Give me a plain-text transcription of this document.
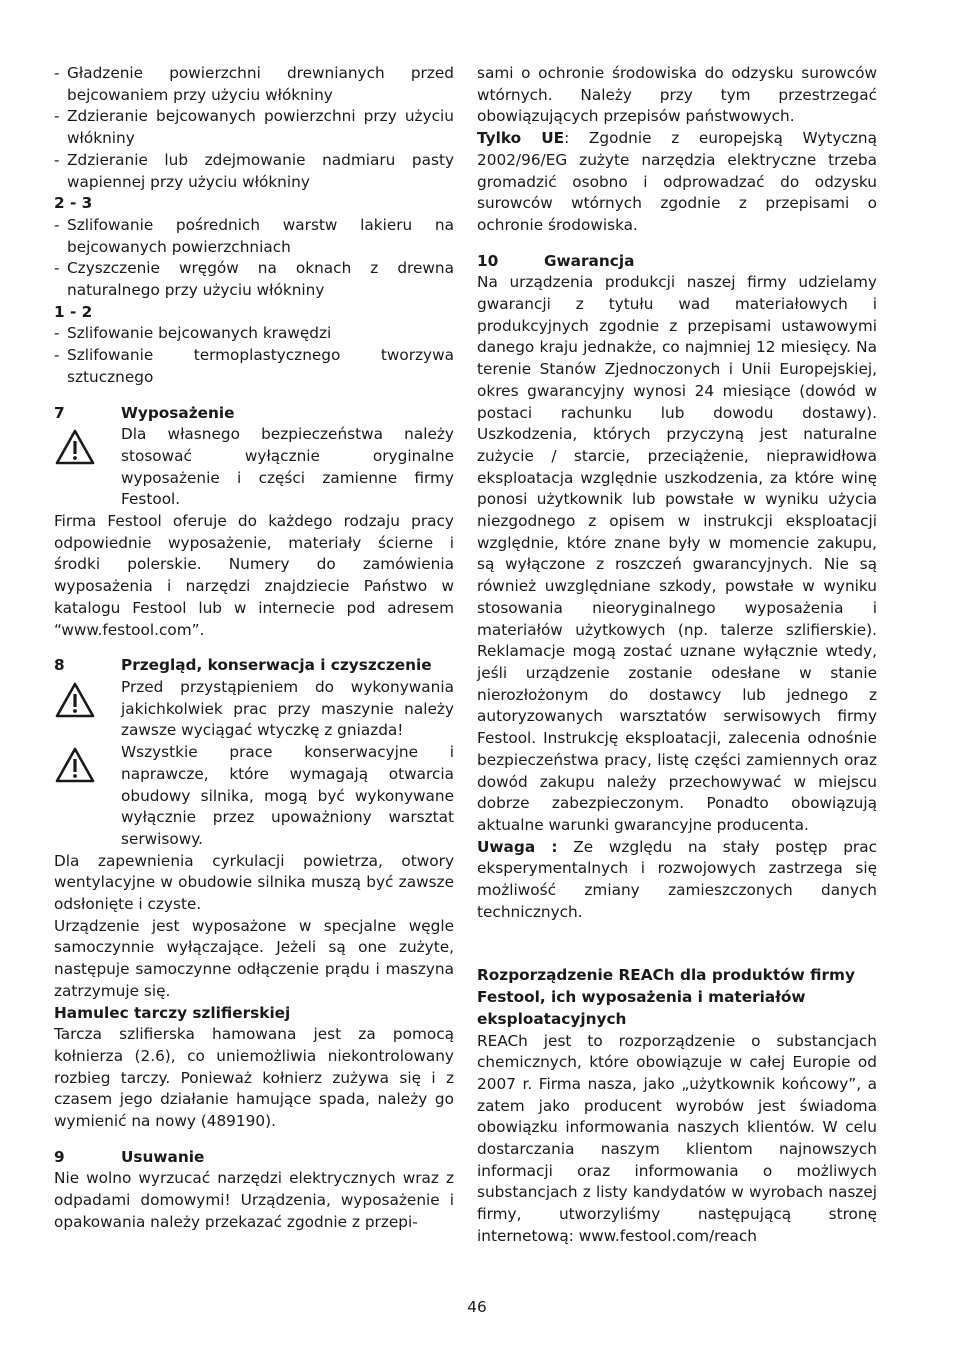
- Gładzenie powierzchni drewnianych przed bejcowaniem przy użyciu włókniny
- Zdzieranie bejcowanych powierzchni przy użyciu włókniny
- Zdzieranie lub zdejmowanie nadmiaru pasty wapiennej przy użyciu włókniny
2 - 3
- Szlifowanie pośrednich warstw lakieru na bejcowanych powierzchniach
- Czyszczenie wręgów na oknach z drewna naturalnego przy użyciu włókniny
1 - 2
- Szlifowanie bejcowanych krawędzi
- Szlifowanie termoplastycznego tworzywa sztucznego
7	Wyposażenie
Dla własnego bezpieczeństwa należy stosować wyłącznie oryginalne wyposażenie i części zamienne firmy Festool.

Firma Festool oferuje do każdego rodzaju pracy odpowiednie wyposażenie, materiały ścierne i środki polerskie. Numery do zamówienia wyposażenia i narzędzi znajdziecie Państwo w katalogu Festool lub w internecie pod adresem “www.festool.com”.

8	Przegląd, konserwacja i czyszczenie
Przed przystąpieniem do wykonywania jakichkolwiek prac przy maszynie należy zawsze wyciągać wtyczkę z gniazda!
Wszystkie prace konserwacyjne i naprawcze, które wymagają otwarcia obudowy silnika, mogą być wykonywane wyłącznie przez upoważniony warsztat serwisowy.

Dla zapewnienia cyrkulacji powietrza, otwory wentylacyjne w obudowie silnika muszą być zawsze odsłonięte i czyste.

Urządzenie jest wyposażone w specjalne węgle samoczynnie wyłączające. Jeżeli są one zużyte, następuje samoczynne odłączenie prądu i maszyna zatrzymuje się.

Hamulec tarczy szlifierskiej

Tarcza szlifierska hamowana jest za pomocą kołnierza (2.6), co uniemożliwia niekontrolowany rozbieg tarczy. Ponieważ kołnierz zużywa się i z czasem jego działanie hamujące spada, należy go wymienić na nowy (489190).

9	Usuwanie

Nie wolno wyrzucać narzędzi elektrycznych wraz z odpadami domowymi! Urządzenia, wyposażenie i opakowania należy przekazać zgodnie z przepi-

sami o ochronie środowiska do odzysku surowców wtórnych. Należy przy tym przestrzegać obowiązujących przepisów państwowych.

Tylko UE: Zgodnie z europejską Wytyczną 2002/96/EG zużyte narzędzia elektryczne trzeba gromadzić osobno i odprowadzać do odzysku surowców wtórnych zgodnie z przepisami o ochronie środowiska.

10	Gwarancja

Na urządzenia produkcji naszej firmy udzielamy gwarancji z tytułu wad materiałowych i produkcyjnych zgodnie z przepisami ustawowymi danego kraju jednakże, co najmniej 12 miesięcy. Na terenie Stanów Zjednoczonych i Unii Europejskiej, okres gwarancyjny wynosi 24 miesiące (dowód w postaci rachunku lub dowodu dostawy). Uszkodzenia, których przyczyną jest naturalne zużycie / starcie, przeciążenie, nieprawidłowa eksploatacja względnie uszkodzenia, za które winę ponosi użytkownik lub powstałe w wyniku użycia niezgodnego z opisem w instrukcji eksploatacji względnie, które znane były w momencie zakupu, są wyłączone z roszczeń gwarancyjnych. Nie są również uwzględniane szkody, powstałe w wyniku stosowania nieoryginalnego wyposażenia i materiałów użytkowych (np. talerze szlifierskie). Reklamacje mogą zostać uznane wyłącznie wtedy, jeśli urządzenie zostanie odesłane w stanie nierozłożonym do dostawcy lub jednego z autoryzowanych warsztatów serwisowych firmy Festool. Instrukcję eksploatacji, zalecenia odnośnie bezpieczeństwa pracy, listę części zamiennych oraz dowód zakupu należy przechowywać w miejscu dobrze zabezpieczonym. Ponadto obowiązują aktualne warunki gwarancyjne producenta.

Uwaga : Ze względu na stały postęp prac eksperymentalnych i rozwojowych zastrzega się możliwość zmiany zamieszczonych danych technicznych.

Rozporządzenie REACh dla produktów firmy Festool, ich wyposażenia i materiałów eksploatacyjnych

REACh jest to rozporządzenie o substancjach chemicznych, które obowiązuje w całej Europie od 2007 r. Firma nasza, jako „użytkownik końcowy”, a zatem jako producent wyrobów jest świadoma obowiązku informowania naszych klientów. W celu dostarczania naszym klientom najnowszych informacji oraz informowania o możliwych substancjach z listy kandydatów w wyrobach naszej firmy, utworzyliśmy następującą stronę internetową: www.festool.com/reach

46
